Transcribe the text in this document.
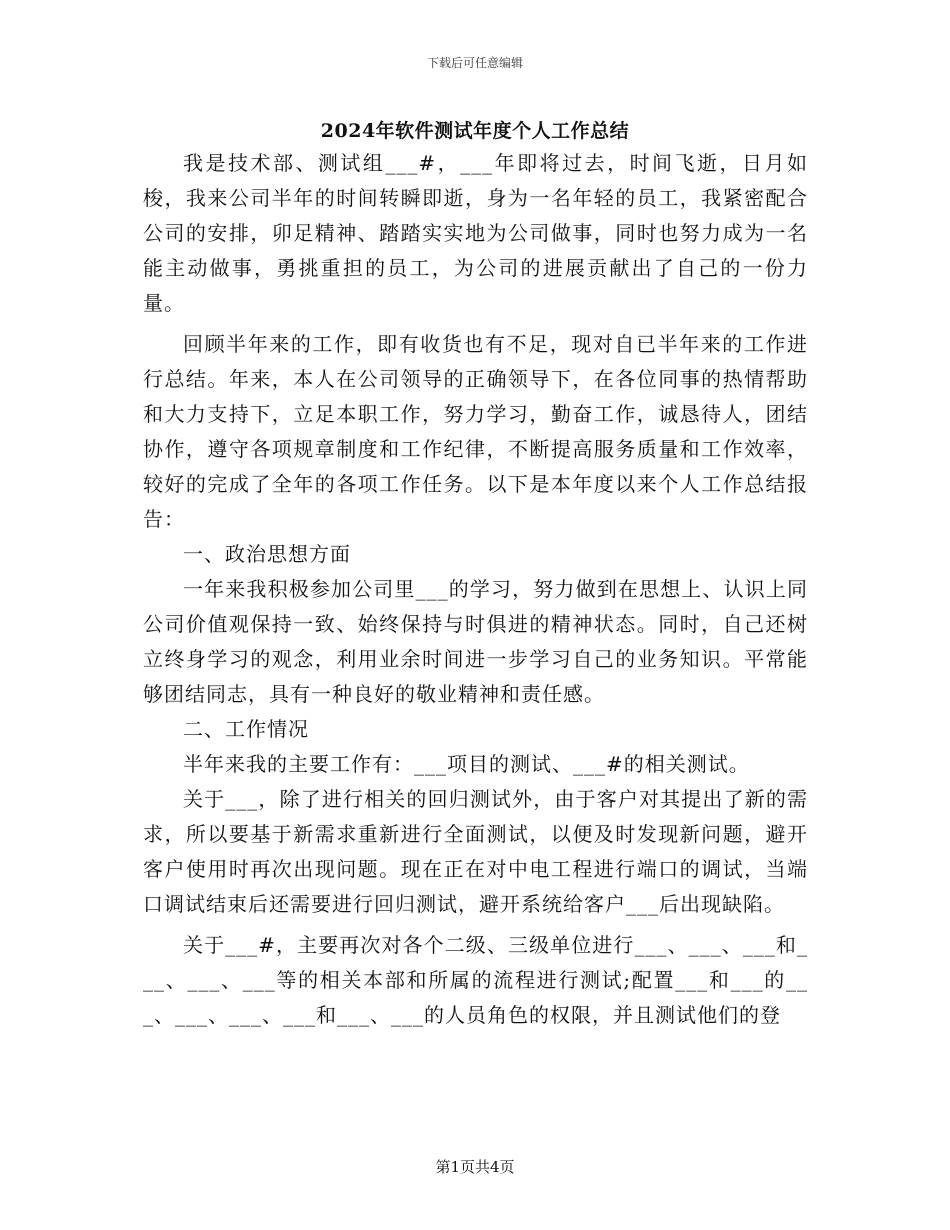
下载后可任意编辑
2024年软件测试年度个人工作总结

我是技术部、测试组___#，___年即将过去，时间飞逝，日月如梭，我来公司半年的时间转瞬即逝，身为一名年轻的员工，我紧密配合公司的安排，卯足精神、踏踏实实地为公司做事，同时也努力成为一名能主动做事，勇挑重担的员工，为公司的进展贡献出了自己的一份力量。

回顾半年来的工作，即有收货也有不足，现对自已半年来的工作进行总结。年来，本人在公司领导的正确领导下，在各位同事的热情帮助和大力支持下，立足本职工作，努力学习，勤奋工作，诚恳待人，团结协作，遵守各项规章制度和工作纪律，不断提高服务质量和工作效率，较好的完成了全年的各项工作任务。以下是本年度以来个人工作总结报告：

一、政治思想方面

一年来我积极参加公司里___的学习，努力做到在思想上、认识上同公司价值观保持一致、始终保持与时俱进的精神状态。同时，自己还树立终身学习的观念，利用业余时间进一步学习自己的业务知识。平常能够团结同志，具有一种良好的敬业精神和责任感。

二、工作情况

半年来我的主要工作有：___项目的测试、___#的相关测试。

关于___，除了进行相关的回归测试外，由于客户对其提出了新的需求，所以要基于新需求重新进行全面测试，以便及时发现新问题，避开客户使用时再次出现问题。现在正在对中电工程进行端口的调试，当端口调试结束后还需要进行回归测试，避开系统给客户___后出现缺陷。

关于___#，主要再次对各个二级、三级单位进行___、___、___和___、___、___等的相关本部和所属的流程进行测试;配置___和___的___、___、___、___和___、___的人员角色的权限，并且测试他们的登

第1页共4页
